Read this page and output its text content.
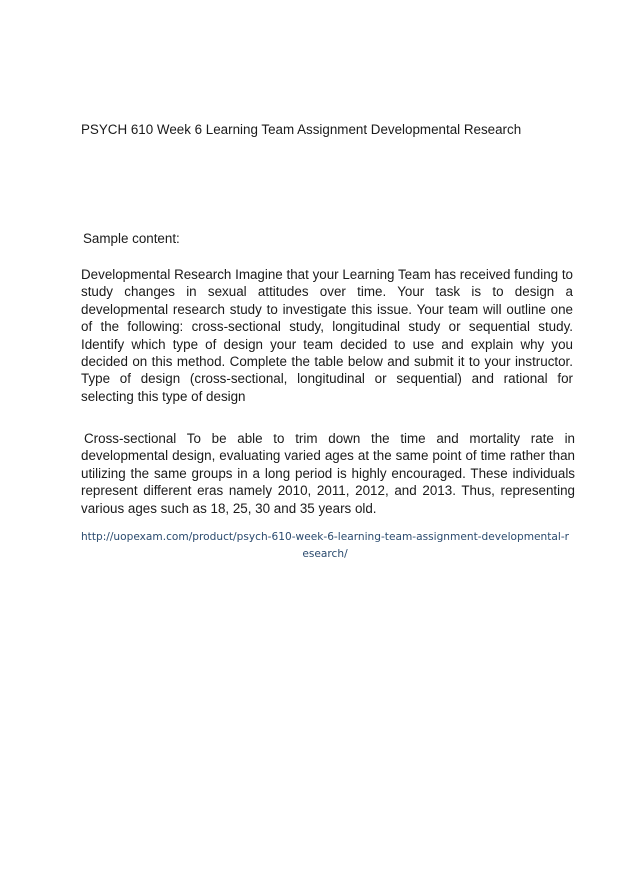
PSYCH 610 Week 6 Learning Team Assignment Developmental Research
Sample content:
Developmental Research Imagine that your Learning Team has received funding to study changes in sexual attitudes over time. Your task is to design a developmental research study to investigate this issue. Your team will outline one of the following: cross-sectional study, longitudinal study or sequential study. Identify which type of design your team decided to use and explain why you decided on this method. Complete the table below and submit it to your instructor. Type of design (cross-sectional, longitudinal or sequential) and rational for selecting this type of design
Cross-sectional To be able to trim down the time and mortality rate in developmental design, evaluating varied ages at the same point of time rather than utilizing the same groups in a long period is highly encouraged. These individuals represent different eras namely 2010, 2011, 2012, and 2013. Thus, representing various ages such as 18, 25, 30 and 35 years old.
http://uopexam.com/product/psych-610-week-6-learning-team-assignment-developmental-research/
